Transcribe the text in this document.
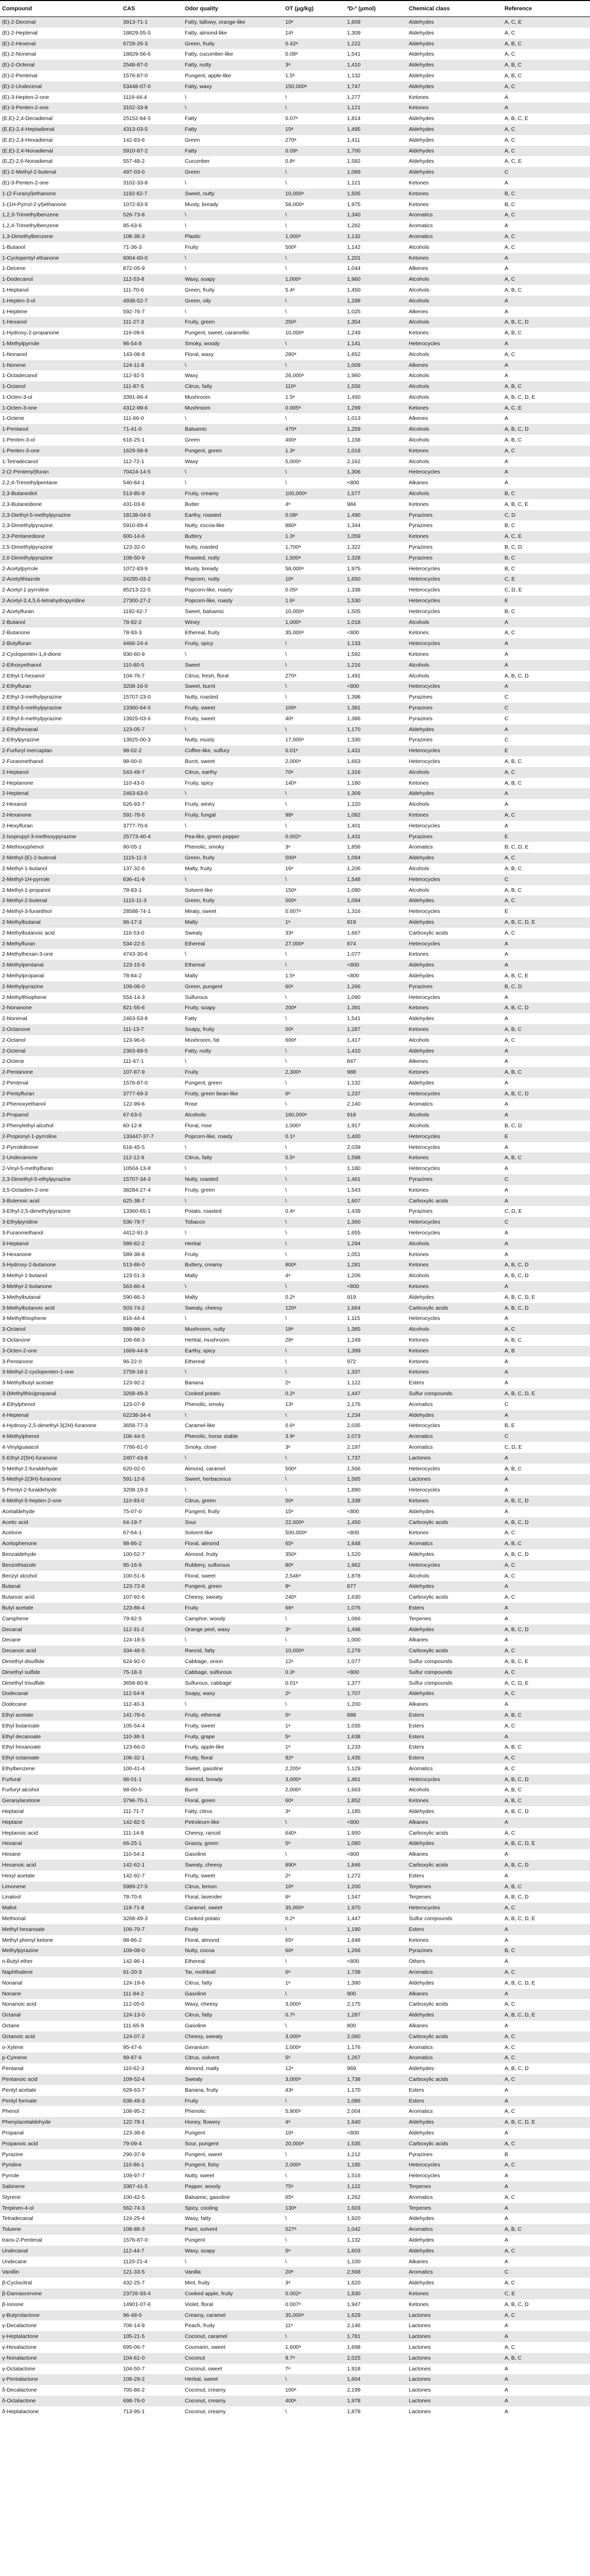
Compound	CAS	Odor quality	OT (μg/kg)	³D-² (μmol)	Chemical class	Reference
(E)-2-Decenal	3913-71-1	Fatty, tallowy, orange-like	10ᵃ	1,609	Aldehydes	A, C, E
(E)-2-Heptenal	18829-55-5	Fatty, almond-like	14ᵃ	1,309	Aldehydes	A, C
(E)-2-Hexenal	6728-26-3	Green, fruity	0.42ᵃ	1,222	Aldehydes	A, B, C
(E)-2-Nonenal	18829-56-6	Fatty, cucumber-like	0.08ᵃ	1,541	Aldehydes	A, C
(E)-2-Octenal	2548-87-0	Fatty, nutty	3ᵃ	1,410	Aldehydes	A, B, C
(E)-2-Pentenal	1576-87-0	Pungent, apple-like	1.5ᵇ	1,132	Aldehydes	A, B, C
(E)-2-Undecenal	53448-07-0	Fatty, waxy	150,000ᵃ	1,747	Aldehydes	A, C
(E)-3-Hepten-2-one	1119-44-4	\	\	1,277	Ketones	A
(E)-3-Penten-2-one	3102-33-8	\	\	1,121	Ketones	A
(E,E)-2,4-Decadienal	25152-84-5	Fatty	0.07ᵃ	1,814	Aldehydes	A, B, C, E
(E,E)-2,4-Heptadienal	4313-03-5	Fatty	15ᵃ	1,495	Aldehydes	A, C
(E,E)-2,4-Hexadienal	142-83-6	Green	270ᵃ	1,411	Aldehydes	A, C
(E,E)-2,4-Nonadienal	5910-87-2	Fatty	0.09ᵃ	1,700	Aldehydes	A, C
(E,Z)-2,6-Nonadienal	557-48-2	Cucumber	0.8ᵃ	1,582	Aldehydes	A, C, E
(E)-2-Methyl-2-butenal	497-03-0	Green	\	1,089	Aldehydes	C
(E)-3-Penten-2-one	3102-33-8	\	\	1,121	Ketones	A
1-(2-Furanyl)ethanone	1192-62-7	Sweet, nutty	10,000ᵃ	1,505	Ketones	B, C
1-(1H-Pyrrol-2-yl)ethanone	1072-83-9	Musty, bready	58,000ᵃ	1,975	Ketones	B, C
1,2,3-Trimethylbenzene	526-73-8	\	\	1,340	Aromatics	A, C
1,2,4-Trimethylbenzene	95-63-6	\	\	1,282	Aromatics	A
1,3-Dimethylbenzene	108-38-3	Plastic	1,000ᵃ	1,132	Aromatics	A, C
1-Butanol	71-36-3	Fruity	500ᵇ	1,142	Alcohols	A, C
1-Cyclopentyl ethanone	6004-60-0	\	\	1,201	Ketones	A
1-Decene	872-05-9	\	\	1,044	Alkenes	A
1-Dodecanol	112-53-8	Waxy, soapy	1,000ᵃ	1,960	Alcohols	A, C
1-Heptanol	111-70-6	Green, fruity	5.4ᵃ	1,450	Alcohols	A, B, C
1-Hepten-3-ol	4938-52-7	Green, oily	\	1,288	Alcohols	A
1-Heptene	592-76-7	\	\	1,025	Alkenes	A
1-Hexanol	111-27-3	Fruity, green	250ᵃ	1,354	Alcohols	A, B, C, D
1-Hydroxy-2-propanone	116-09-6	Pungent, sweet, caramellic	10,000ᵃ	1,249	Ketones	A, B, C
1-Methylpyrrole	96-54-8	Smoky, woody	\	1,141	Heterocycles	A
1-Nonanol	143-08-8	Floral, waxy	280ᵃ	1,652	Alcohols	A, C
1-Nonene	124-11-8	\	\	1,009	Alkenes	A
1-Octadecanol	112-92-5	Waxy	26,000ᵃ	1,960	Alcohols	A
1-Octanol	111-87-5	Citrus, fatty	110ᵃ	1,556	Alcohols	A, B, C
1-Octen-3-ol	3391-86-4	Mushroom	1.5ᵃ	1,450	Alcohols	A, B, C, D, E
1-Octen-3-one	4312-99-6	Mushroom	0.005ᵃ	1,299	Ketones	A, C, E
1-Octene	111-66-0	\	\	1,013	Alkenes	A
1-Pentanol	71-41-0	Balsamic	470ᵃ	1,259	Alcohols	A, B, C, D
1-Penten-3-ol	616-25-1	Green	400ᵃ	1,158	Alcohols	A, B, C
1-Penten-3-one	1629-58-9	Pungent, green	1.3ᵃ	1,018	Ketones	A, C
1-Tetradecanol	112-72-1	Waxy	5,000ᵃ	2,162	Alcohols	A
2-(2-Pentenyl)furan	70424-14-5	\	\	1,306	Heterocycles	A
2,2,4-Trimethylpentane	540-84-1	\	\	<800	Alkanes	A
2,3-Butanediol	513-85-9	Fruity, creamy	100,000ᵃ	1,577	Alcohols	B, C
2,3-Butanedione	431-03-8	Butter	4ᵃ	984	Ketones	A, B, C, E
2,3-Diethyl-5-methylpyrazine	18138-04-0	Earthy, roasted	0.09ᵃ	1,490	Pyrazines	C, D
2,3-Dimethylpyrazine	5910-89-4	Nutty, cocoa-like	880ᵃ	1,344	Pyrazines	B, C
2,3-Pentanedione	600-14-6	Buttery	1.3ᵃ	1,059	Ketones	A, C, E
2,5-Dimethylpyrazine	123-32-0	Nutty, roasted	1,700ᵃ	1,322	Pyrazines	B, C, D
2,6-Dimethylpyrazine	108-50-9	Roasted, nutty	1,500ᵃ	1,328	Pyrazines	B, C
2-Acetylpyrrole	1072-83-9	Musty, bready	58,000ᵃ	1,975	Heterocycles	B, C
2-Acetylthiazole	24295-03-2	Popcorn, nutty	10ᵃ	1,650	Heterocycles	C, E
2-Acetyl-1-pyrroline	85213-22-5	Popcorn-like, roasty	0.05ᵃ	1,338	Heterocycles	C, D, E
2-Acetyl-3,4,5,6-tetrahydropyridine	27300-27-2	Popcorn-like, roasty	1.6ᵃ	1,530	Heterocycles	E
2-Acetylfuran	1192-62-7	Sweet, balsamic	10,000ᵃ	1,505	Heterocycles	B, C
2-Butanol	78-92-2	Winey	1,000ᵃ	1,018	Alcohols	A
2-Butanone	78-93-3	Ethereal, fruity	35,000ᵃ	<800	Ketones	A, C
2-Butylfuran	4466-24-4	Fruity, spicy	\	1,133	Heterocycles	A
2-Cyclopenten-1,4-dione	930-60-9	\	\	1,592	Ketones	A
2-Ethoxyethanol	110-80-5	Sweet	\	1,216	Alcohols	A
2-Ethyl-1-hexanol	104-76-7	Citrus, fresh, floral	270ᵃ	1,491	Alcohols	A, B, C, D
2-Ethylfuran	3208-16-0	Sweet, burnt	\	<800	Heterocycles	A
2-Ethyl-3-methylpyrazine	15707-23-0	Nutty, roasted	\	1,398	Pyrazines	C
2-Ethyl-5-methylpyrazine	13360-64-0	Fruity, sweet	100ᵃ	1,381	Pyrazines	C
2-Ethyl-6-methylpyrazine	13925-03-6	Fruity, sweet	40ᵃ	1,386	Pyrazines	C
2-Ethylhexanal	123-05-7	\	\	1,170	Aldehydes	A
2-Ethylpyrazine	13925-00-3	Nutty, musty	17,000ᵃ	1,330	Pyrazines	C
2-Furfuryl mercaptan	98-02-2	Coffee-like, sulfury	0.01ᵃ	1,431	Heterocycles	E
2-Furanmethanol	98-00-0	Burnt, sweet	2,000ᵃ	1,663	Heterocycles	A, B, C
2-Heptanol	543-49-7	Citrus, earthy	70ᵃ	1,316	Alcohols	A, C
2-Heptanone	110-43-0	Fruity, spicy	140ᵃ	1,180	Ketones	A, B, C
2-Heptenal	2463-63-0	\	\	1,309	Aldehydes	A
2-Hexanol	626-93-7	Fruity, winey	\	1,220	Alcohols	A
2-Hexanone	591-78-6	Fruity, fungal	98ᵃ	1,082	Ketones	A, C
2-Hexylfuran	3777-70-6	\	\	1,401	Heterocycles	A
2-Isopropyl-3-methoxypyrazine	25773-40-4	Pea-like, green pepper	0.002ᵃ	1,431	Pyrazines	E
2-Methoxyphenol	90-05-1	Phenolic, smoky	3ᵃ	1,856	Aromatics	B, C, D, E
2-Methyl-(E)-2-butenal	1115-11-3	Green, fruity	500ᵃ	1,094	Aldehydes	A, C
2-Methyl-1-butanol	137-32-6	Malty, fruity	16ᵃ	1,206	Alcohols	A, B, C
2-Methyl-1H-pyrrole	636-41-9	\	\	1,548	Heterocycles	C
2-Methyl-1-propanol	78-83-1	Solvent-like	150ᵃ	1,090	Alcohols	A, B, C
2-Methyl-2-butenal	1115-11-3	Green, fruity	500ᵃ	1,094	Aldehydes	A, C
2-Methyl-3-furanthiol	28588-74-1	Meaty, sweet	0.007ᵃ	1,316	Heterocycles	E
2-Methylbutanal	96-17-3	Malty	1ᵃ	919	Aldehydes	A, B, C, D, E
2-Methylbutanoic acid	116-53-0	Sweaty	33ᵃ	1,667	Carboxylic acids	A, C
2-Methylfuran	534-22-5	Ethereal	27,000ᵃ	874	Heterocycles	A
2-Methylhexan-3-one	4743-30-6	\	\	1,077	Ketones	A
2-Methylpentanal	123-15-9	Ethereal	\	<800	Aldehydes	A
2-Methylpropanal	78-84-2	Malty	1.5ᵃ	<800	Aldehydes	A, B, C, E
2-Methylpyrazine	109-08-0	Green, pungent	60ᵃ	1,266	Pyrazines	B, C, D
2-Methylthiophene	554-14-3	Sulfurous	\	1,090	Heterocycles	A
2-Nonanone	821-55-6	Fruity, soapy	200ᵃ	1,391	Ketones	A, B, C, D
2-Nonenal	2463-53-8	Fatty	\	1,541	Aldehydes	A
2-Octanone	111-13-7	Soapy, fruity	50ᵃ	1,287	Ketones	A, B, C
2-Octanol	123-96-6	Mushroom, fat	600ᵃ	1,417	Alcohols	A, C
2-Octenal	2363-89-5	Fatty, nutty	\	1,410	Aldehydes	A
2-Octene	111-67-1	\	\	847	Alkenes	A
2-Pentanone	107-87-9	Fruity	2,300ᵃ	988	Ketones	A, B, C
2-Pentenal	1576-87-0	Pungent, green	\	1,132	Aldehydes	A
2-Pentylfuran	3777-69-3	Fruity, green bean-like	6ᵃ	1,237	Heterocycles	A, B, C, D
2-Phenoxyethanol	122-99-6	Rose	\	2,140	Aromatics	A
2-Propanol	67-63-0	Alcoholic	160,000ᵃ	918	Alcohols	A
2-Phenylethyl alcohol	60-12-8	Floral, rose	1,000ᵃ	1,917	Alcohols	B, C, D
2-Propionyl-1-pyrroline	133447-37-7	Popcorn-like, roasty	0.1ᵃ	1,400	Heterocycles	E
2-Pyrrolidinone	616-45-5	\	\	2,039	Heterocycles	A
2-Undecanone	112-12-9	Citrus, fatty	5.5ᵃ	1,598	Ketones	A, B, C
2-Vinyl-5-methylfuran	10504-13-8	\	\	1,180	Heterocycles	A
2,3-Dimethyl-5-ethylpyrazine	15707-34-3	Nutty, roasted	\	1,461	Pyrazines	C
3,5-Octadien-2-one	38284-27-4	Fruity, green	\	1,543	Ketones	A
3-Butenoic acid	625-38-7	\	\	1,607	Carboxylic acids	A
3-Ethyl-2,5-dimethylpyrazine	13360-65-1	Potato, roasted	0.4ᵃ	1,439	Pyrazines	C, D, E
3-Ethylpyridine	536-78-7	Tobacco	\	1,360	Heterocycles	C
3-Furanmethanol	4412-91-3	\	\	1,655	Heterocycles	A
3-Heptanol	589-82-2	Herbal	\	1,294	Alcohols	A
3-Hexanone	589-38-8	Fruity	\	1,051	Ketones	A
3-Hydroxy-2-butanone	513-86-0	Buttery, creamy	800ᵃ	1,281	Ketones	A, B, C, D
3-Methyl-1-butanol	123-51-3	Malty	4ᵃ	1,206	Alcohols	A, B, C, D
3-Methyl-2-butanone	563-80-4	\	\	<800	Ketones	A
3-Methylbutanal	590-86-3	Malty	0.2ᵃ	919	Aldehydes	A, B, C, D, E
3-Methylbutanoic acid	503-74-2	Sweaty, cheesy	120ᵃ	1,664	Carboxylic acids	A, B, C, D
3-Methylthiophene	616-44-4	\	\	1,115	Heterocycles	A
3-Octanol	589-98-0	Mushroom, nutty	18ᵃ	1,385	Alcohols	A, C
3-Octanone	106-68-3	Herbal, mushroom	28ᵃ	1,249	Ketones	A, B, C
3-Octen-2-one	1669-44-9	Earthy, spicy	\	1,399	Ketones	A, B
3-Pentanone	96-22-0	Ethereal	\	972	Ketones	A
3-Methyl-2-cyclopenten-1-one	2758-18-1	\	\	1,337	Ketones	A
3-Methylbutyl acetate	123-92-2	Banana	2ᵃ	1,122	Esters	A
3-(Methylthio)propanal	3268-49-3	Cooked potato	0.2ᵃ	1,447	Sulfur compounds	A, B, C, D, E
4-Ethylphenol	123-07-9	Phenolic, smoky	13ᵃ	2,176	Aromatics	C
4-Heptenal	62238-34-4	\	\	1,234	Aldehydes	A
4-Hydroxy-2,5-dimethyl-3(2H)-furanone	3658-77-3	Caramel-like	0.6ᵃ	2,035	Heterocycles	B, E
4-Methylphenol	106-44-5	Phenolic, horse stable	3.9ᵃ	2,073	Aromatics	C
4-Vinylguaiacol	7786-61-0	Smoky, clove	3ᵃ	2,197	Aromatics	C, D, E
5-Ethyl-2(5H)-furanone	2407-43-8	\	\	1,737	Lactones	A
5-Methyl-2-furaldehyde	620-02-0	Almond, caramel	500ᵃ	1,566	Heterocycles	A, B, C
5-Methyl-2(3H)-furanone	591-12-8	Sweet, herbaceous	\	1,565	Lactones	A
5-Pentyl-2-furaldehyde	3208-19-3	\	\	1,890	Heterocycles	A
6-Methyl-5-hepten-2-one	110-93-0	Citrus, green	50ᵃ	1,338	Ketones	A, B, C, D
Acetaldehyde	75-07-0	Pungent, fruity	15ᵃ	<800	Aldehydes	A
Acetic acid	64-19-7	Sour	22,000ᵃ	1,450	Carboxylic acids	A, B, C, D
Acetone	67-64-1	Solvent-like	500,000ᵃ	<800	Ketones	A, C
Acetophenone	98-86-2	Floral, almond	65ᵃ	1,648	Aromatics	A, B, C
Benzaldehyde	100-52-7	Almond, fruity	350ᵃ	1,520	Aldehydes	A, B, C, D
Benzothiazole	95-16-9	Rubbery, sulfurous	80ᵃ	1,962	Heterocycles	A, C
Benzyl alcohol	100-51-6	Floral, sweet	2,546ᵃ	1,878	Alcohols	A, C
Butanal	123-72-8	Pungent, green	9ᵃ	877	Aldehydes	A
Butanoic acid	107-92-6	Cheesy, sweaty	240ᵃ	1,630	Carboxylic acids	A, C
Butyl acetate	123-86-4	Fruity	66ᵃ	1,076	Esters	A
Camphene	79-92-5	Camphor, woody	\	1,066	Terpenes	A
Decanal	112-31-2	Orange peel, waxy	3ᵃ	1,498	Aldehydes	A, B, C, D
Decane	124-18-5	\	\	1,000	Alkanes	A
Decanoic acid	334-48-5	Rancid, fatty	10,000ᵃ	2,279	Carboxylic acids	A, C
Dimethyl disulfide	624-92-0	Cabbage, onion	12ᵃ	1,077	Sulfur compounds	A, B, C, E
Dimethyl sulfide	75-18-3	Cabbage, sulfurous	0.3ᵃ	<800	Sulfur compounds	A, C
Dimethyl trisulfide	3658-80-8	Sulfurous, cabbage	0.01ᵃ	1,377	Sulfur compounds	A, C, D, E
Dodecanal	112-54-9	Soapy, waxy	2ᵃ	1,707	Aldehydes	A, C
Dodecane	112-40-3	\	\	1,200	Alkanes	A
Ethyl acetate	141-78-6	Fruity, ethereal	5ᵃ	888	Esters	A, B, C
Ethyl butanoate	105-54-4	Fruity, sweet	1ᵃ	1,035	Esters	A, C
Ethyl decanoate	110-38-3	Fruity, grape	5ᵃ	1,638	Esters	A
Ethyl hexanoate	123-66-0	Fruity, apple-like	1ᵃ	1,233	Esters	A, B, C
Ethyl octanoate	106-32-1	Fruity, floral	92ᵃ	1,435	Esters	A, C
Ethylbenzene	100-41-4	Sweet, gasoline	2,205ᵃ	1,129	Aromatics	A, C
Furfural	98-01-1	Almond, bready	3,000ᵃ	1,461	Heterocycles	A, B, C, D
Furfuryl alcohol	98-00-0	Burnt	2,000ᵃ	1,663	Alcohols	A, B, C
Geranylacetone	3796-70-1	Floral, green	60ᵃ	1,852	Ketones	A, B, C
Heptanal	111-71-7	Fatty, citrus	3ᵃ	1,185	Aldehydes	A, B, C, D
Heptane	142-82-5	Petroleum-like	\	<800	Alkanes	A
Heptanoic acid	111-14-8	Cheesy, rancid	640ᵃ	1,950	Carboxylic acids	A, C
Hexanal	66-25-1	Grassy, green	5ᵃ	1,080	Aldehydes	A, B, C, D, E
Hexane	110-54-3	Gasoline	\	<800	Alkanes	A
Hexanoic acid	142-62-1	Sweaty, cheesy	890ᵃ	1,846	Carboxylic acids	A, B, C, D
Hexyl acetate	142-92-7	Fruity, sweet	2ᵃ	1,272	Esters	A
Limonene	5989-27-5	Citrus, lemon	10ᵃ	1,200	Terpenes	A, B, C
Linalool	78-70-6	Floral, lavender	6ᵃ	1,547	Terpenes	A, B, C, D
Maltol	118-71-8	Caramel, sweet	35,000ᵃ	1,970	Heterocycles	A, C
Methional	3268-49-3	Cooked potato	0.2ᵃ	1,447	Sulfur compounds	A, B, C, D, E
Methyl hexanoate	106-70-7	Fruity	\	1,190	Esters	A
Methyl phenyl ketone	98-86-2	Floral, almond	65ᵃ	1,648	Ketones	A
Methylpyrazine	109-08-0	Nutty, cocoa	60ᵃ	1,266	Pyrazines	B, C
n-Butyl ether	142-96-1	Ethereal	\	<800	Others	A
Naphthalene	91-20-3	Tar, mothball	6ᵃ	1,738	Aromatics	A, C
Nonanal	124-19-6	Citrus, fatty	1ᵃ	1,390	Aldehydes	A, B, C, D, E
Nonane	111-84-2	Gasoline	\	900	Alkanes	A
Nonanoic acid	112-05-0	Waxy, cheesy	3,000ᵃ	2,175	Carboxylic acids	A, C
Octanal	124-13-0	Citrus, fatty	0.7ᵃ	1,287	Aldehydes	A, B, C, D, E
Octane	111-65-9	Gasoline	\	800	Alkanes	A
Octanoic acid	124-07-2	Cheesy, sweaty	3,000ᵃ	2,060	Carboxylic acids	A, C
o-Xylene	95-47-6	Geranium	1,000ᵃ	1,176	Aromatics	A, C
p-Cymene	99-87-6	Citrus, solvent	5ᵃ	1,267	Aromatics	A, C
Pentanal	110-62-3	Almond, malty	12ᵃ	969	Aldehydes	A, B, C, D
Pentanoic acid	109-52-4	Sweaty	3,000ᵃ	1,738	Carboxylic acids	A, C
Pentyl acetate	628-63-7	Banana, fruity	43ᵃ	1,170	Esters	A
Pentyl formate	638-49-3	Fruity	\	1,086	Esters	A
Phenol	108-95-2	Phenolic	5,900ᵃ	2,004	Aromatics	A, C
Phenylacetaldehyde	122-78-1	Honey, flowery	4ᵃ	1,640	Aldehydes	A, B, C, D, E
Propanal	123-38-6	Pungent	10ᵃ	<800	Aldehydes	A
Propanoic acid	79-09-4	Sour, pungent	20,000ᵃ	1,535	Carboxylic acids	A, C
Pyrazine	290-37-9	Pungent, sweet	\	1,212	Pyrazines	B
Pyridine	110-86-1	Pungent, fishy	2,000ᵃ	1,185	Heterocycles	A, C
Pyrrole	109-97-7	Nutty, sweet	\	1,516	Heterocycles	A
Sabinene	3387-41-5	Pepper, woody	75ᵃ	1,122	Terpenes	A
Styrene	100-42-5	Balsamic, gasoline	65ᵃ	1,262	Aromatics	A, C
Terpinen-4-ol	562-74-3	Spicy, cooling	130ᵃ	1,603	Terpenes	A
Tetradecanal	124-25-4	Waxy, fatty	\	1,920	Aldehydes	A
Toluene	108-88-3	Paint, solvent	527ᵃ	1,042	Aromatics	A, B, C
trans-2-Pentenal	1576-87-0	Pungent	\	1,132	Aldehydes	A
Undecanal	112-44-7	Waxy, soapy	5ᵃ	1,603	Aldehydes	A, C
Undecane	1120-21-4	\	\	1,100	Alkanes	A
Vanillin	121-33-5	Vanilla	20ᵃ	2,568	Aromatics	C
β-Cyclocitral	432-25-7	Mint, fruity	3ᵃ	1,620	Aldehydes	A, C
β-Damascenone	23726-93-4	Cooked apple, fruity	0.002ᵃ	1,830	Ketones	C, E
β-Ionone	14901-07-6	Violet, floral	0.007ᵃ	1,947	Ketones	A, B, C, D
γ-Butyrolactone	96-48-0	Creamy, caramel	35,000ᵃ	1,629	Lactones	A, C
γ-Decalactone	706-14-9	Peach, fruity	11ᵃ	2,146	Lactones	A
γ-Heptalactone	105-21-5	Coconut, caramel	\	1,781	Lactones	A
γ-Hexalactone	695-06-7	Coumarin, sweet	1,600ᵃ	1,698	Lactones	A, C
γ-Nonalactone	104-61-0	Coconut	9.7ᵃ	2,025	Lactones	A, B, C
γ-Octalactone	104-50-7	Coconut, sweet	7ᵃ	1,918	Lactones	A
γ-Pentalactone	108-29-2	Herbal, sweet	\	1,604	Lactones	A
δ-Decalactone	705-86-2	Coconut, creamy	100ᵃ	2,199	Lactones	A
δ-Octalactone	698-76-0	Coconut, creamy	400ᵃ	1,978	Lactones	A
δ-Heptalactone	713-95-1	Coconut, creamy	\	1,878	Lactones	A
